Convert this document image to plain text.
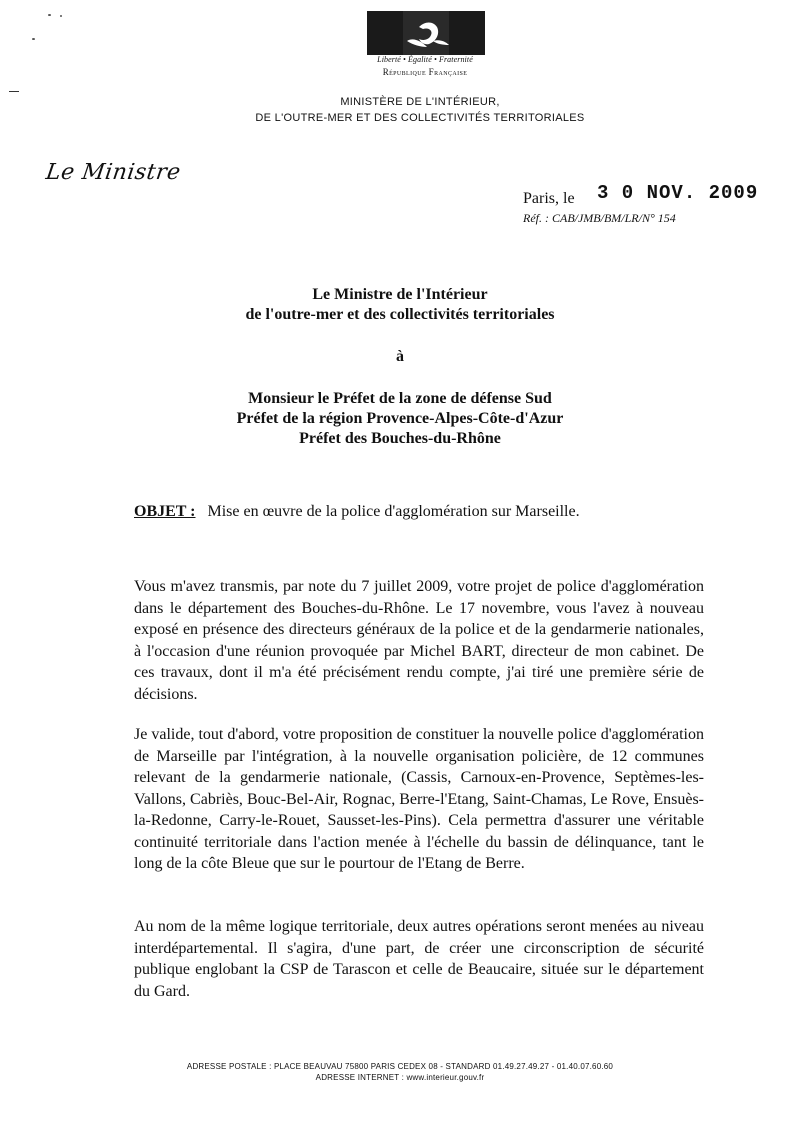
Liberté • Égalité • Fraternité
République Française
MINISTÈRE DE L'INTÉRIEUR,
DE L'OUTRE-MER ET DES COLLECTIVITÉS TERRITORIALES
Le Ministre
Paris, le 3 0 NOV. 2009
Réf. : CAB/JMB/BM/LR/N° 154
Le Ministre de l'Intérieur
de l'outre-mer et des collectivités territoriales
à
Monsieur le Préfet de la zone de défense Sud
Préfet de la région Provence-Alpes-Côte-d'Azur
Préfet des Bouches-du-Rhône
OBJET : Mise en œuvre de la police d'agglomération sur Marseille.
Vous m'avez transmis, par note du 7 juillet 2009, votre projet de police d'agglomération dans le département des Bouches-du-Rhône. Le 17 novembre, vous l'avez à nouveau exposé en présence des directeurs généraux de la police et de la gendarmerie nationales, à l'occasion d'une réunion provoquée par Michel BART, directeur de mon cabinet. De ces travaux, dont il m'a été précisément rendu compte, j'ai tiré une première série de décisions.
Je valide, tout d'abord, votre proposition de constituer la nouvelle police d'agglomération de Marseille par l'intégration, à la nouvelle organisation policière, de 12 communes relevant de la gendarmerie nationale, (Cassis, Carnoux-en-Provence, Septèmes-les-Vallons, Cabriès, Bouc-Bel-Air, Rognac, Berre-l'Etang, Saint-Chamas, Le Rove, Ensuès-la-Redonne, Carry-le-Rouet, Sausset-les-Pins). Cela permettra d'assurer une véritable continuité territoriale dans l'action menée à l'échelle du bassin de délinquance, tant le long de la côte Bleue que sur le pourtour de l'Etang de Berre.
Au nom de la même logique territoriale, deux autres opérations seront menées au niveau interdépartemental. Il s'agira, d'une part, de créer une circonscription de sécurité publique englobant la CSP de Tarascon et celle de Beaucaire, située sur le département du Gard.
ADRESSE POSTALE : PLACE BEAUVAU 75800 PARIS CEDEX 08 - STANDARD 01.49.27.49.27 - 01.40.07.60.60
ADRESSE INTERNET : www.interieur.gouv.fr
